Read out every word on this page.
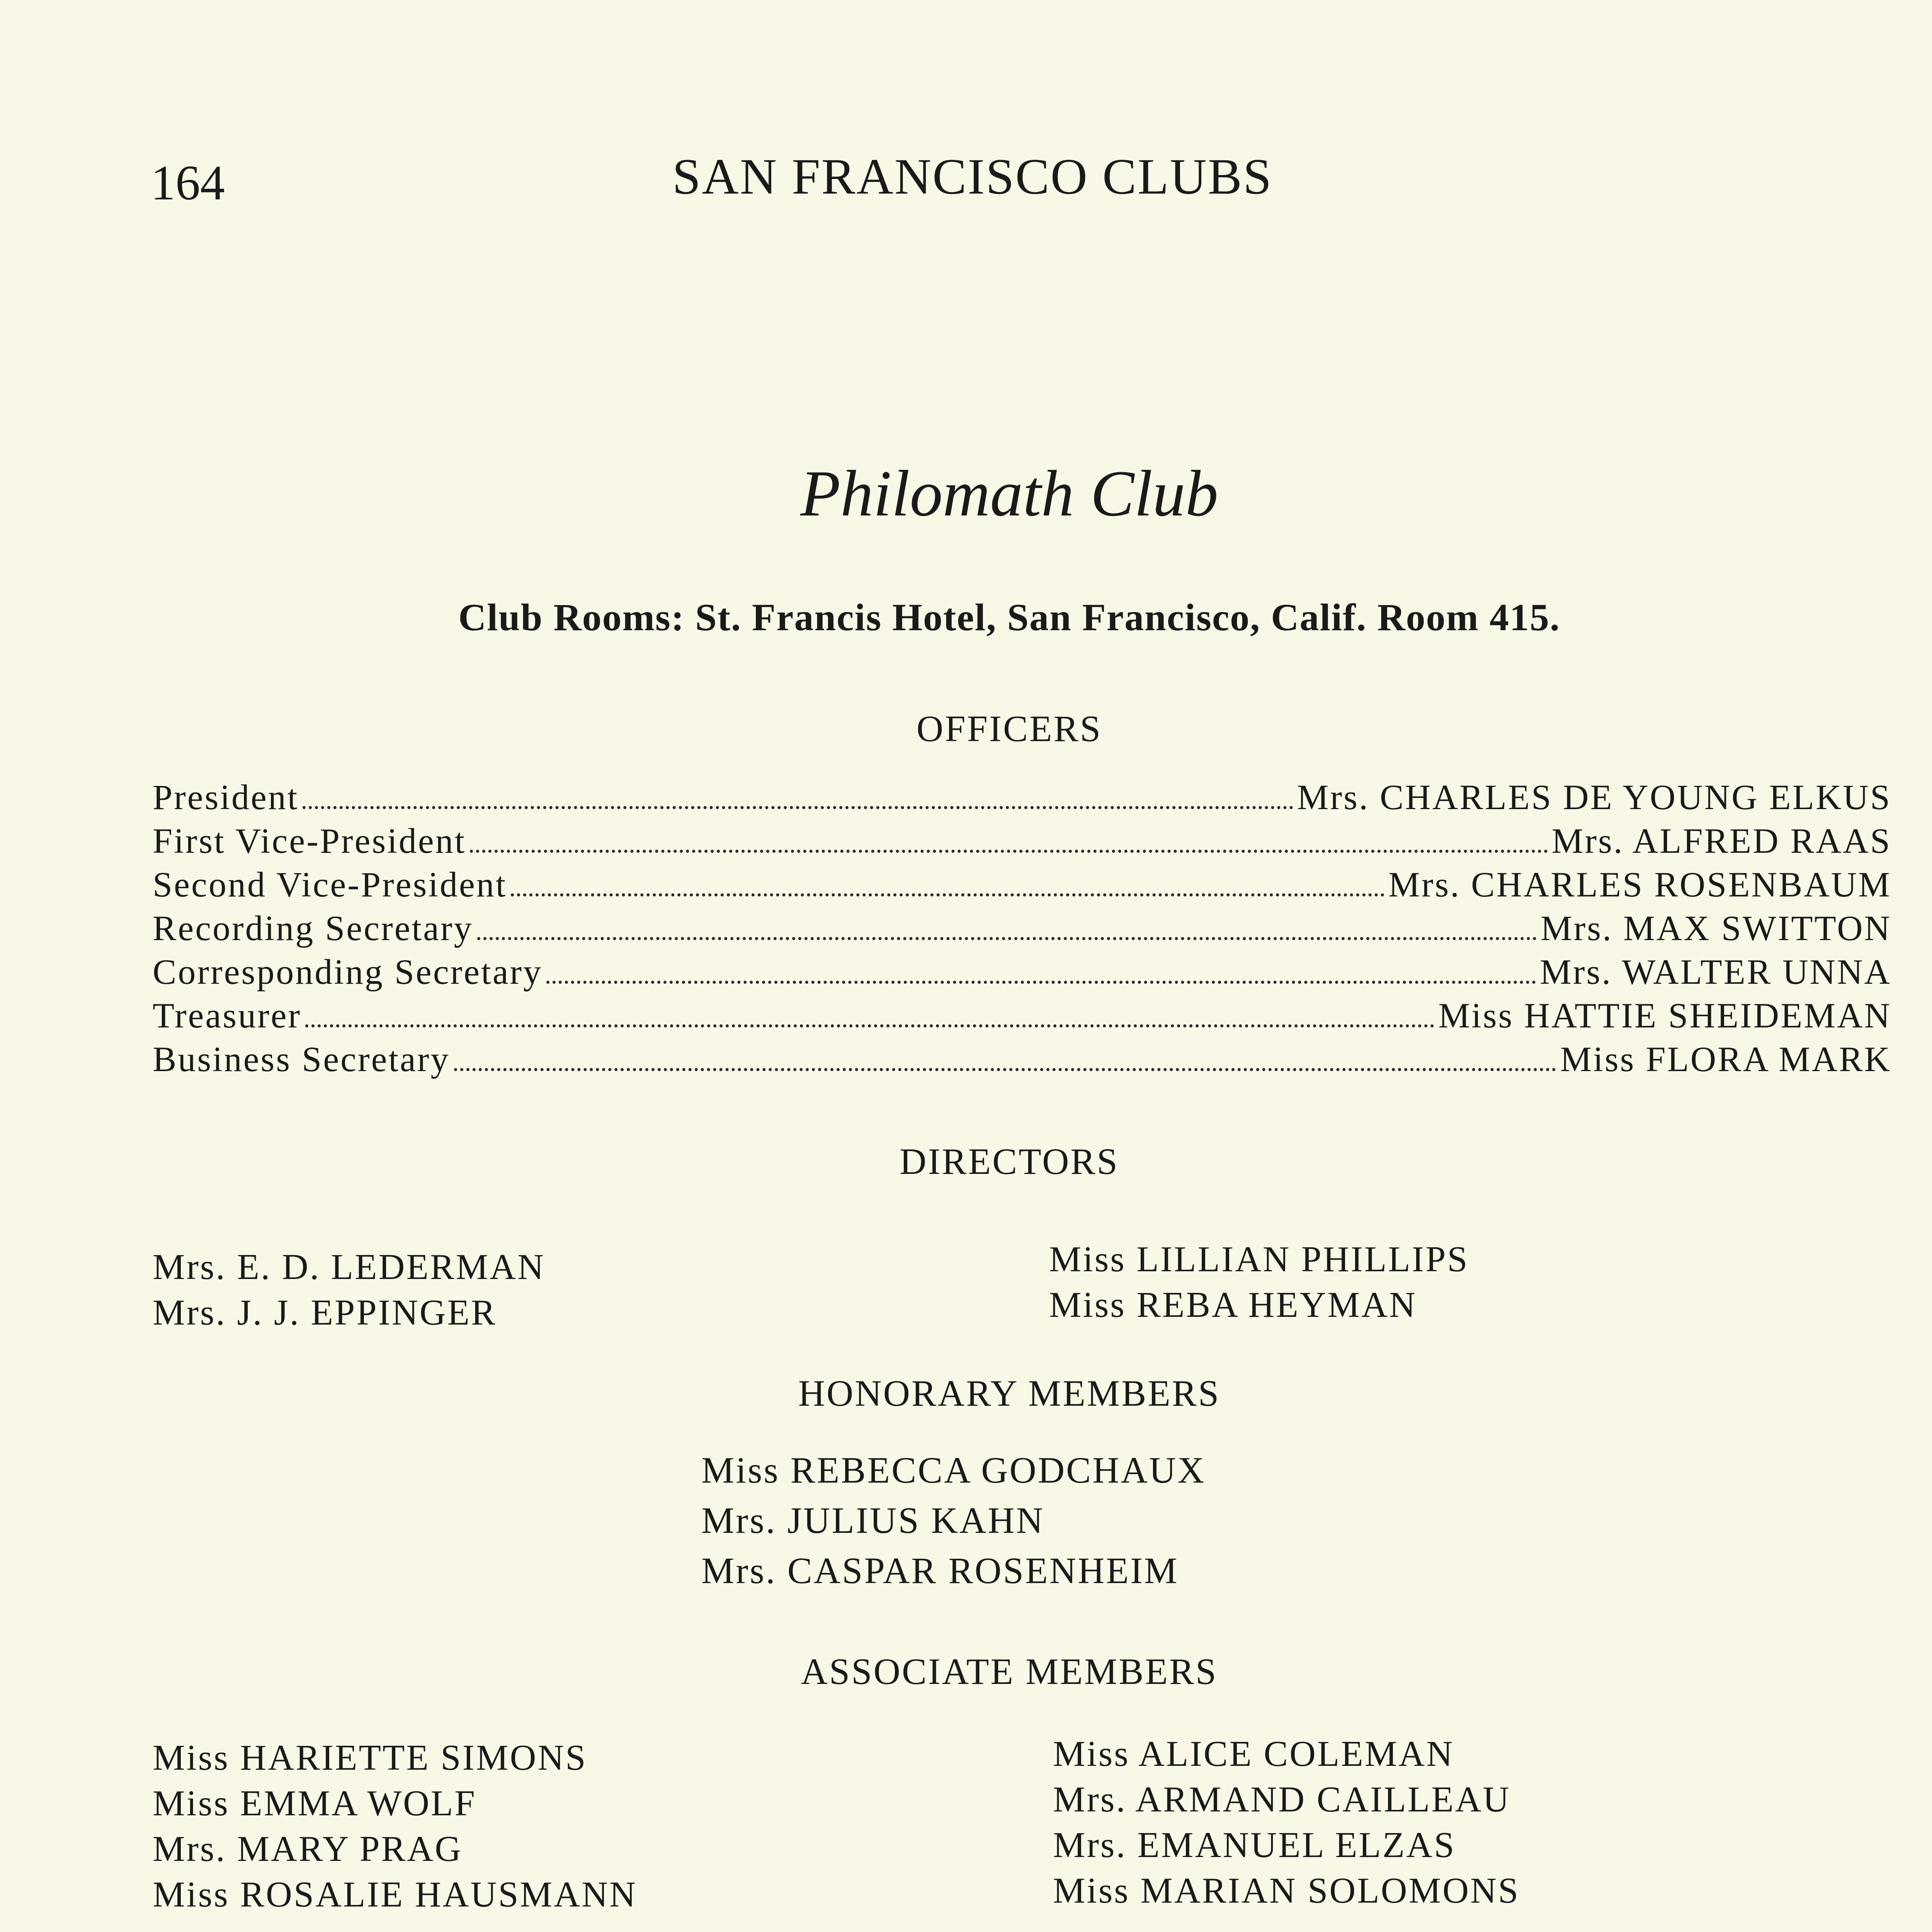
164	SAN FRANCISCO CLUBS
Philomath Club
Club Rooms: St. Francis Hotel, San Francisco, Calif. Room 415.
OFFICERS
President	Mrs. CHARLES DE YOUNG ELKUS
First Vice-President	Mrs. ALFRED RAAS
Second Vice-President	Mrs. CHARLES ROSENBAUM
Recording Secretary	Mrs. MAX SWITTON
Corresponding Secretary	Mrs. WALTER UNNA
Treasurer	Miss HATTIE SHEIDEMAN
Business Secretary	Miss FLORA MARK
DIRECTORS
Mrs. E. D. LEDERMAN
Mrs. J. J. EPPINGER
Miss LILLIAN PHILLIPS
Miss REBA HEYMAN
HONORARY MEMBERS
Miss REBECCA GODCHAUX
Mrs. JULIUS KAHN
Mrs. CASPAR ROSENHEIM
ASSOCIATE MEMBERS
Miss HARIETTE SIMONS
Miss EMMA WOLF
Mrs. MARY PRAG
Miss ROSALIE HAUSMANN
Miss ALICE COLEMAN
Mrs. ARMAND CAILLEAU
Mrs. EMANUEL ELZAS
Miss MARIAN SOLOMONS
